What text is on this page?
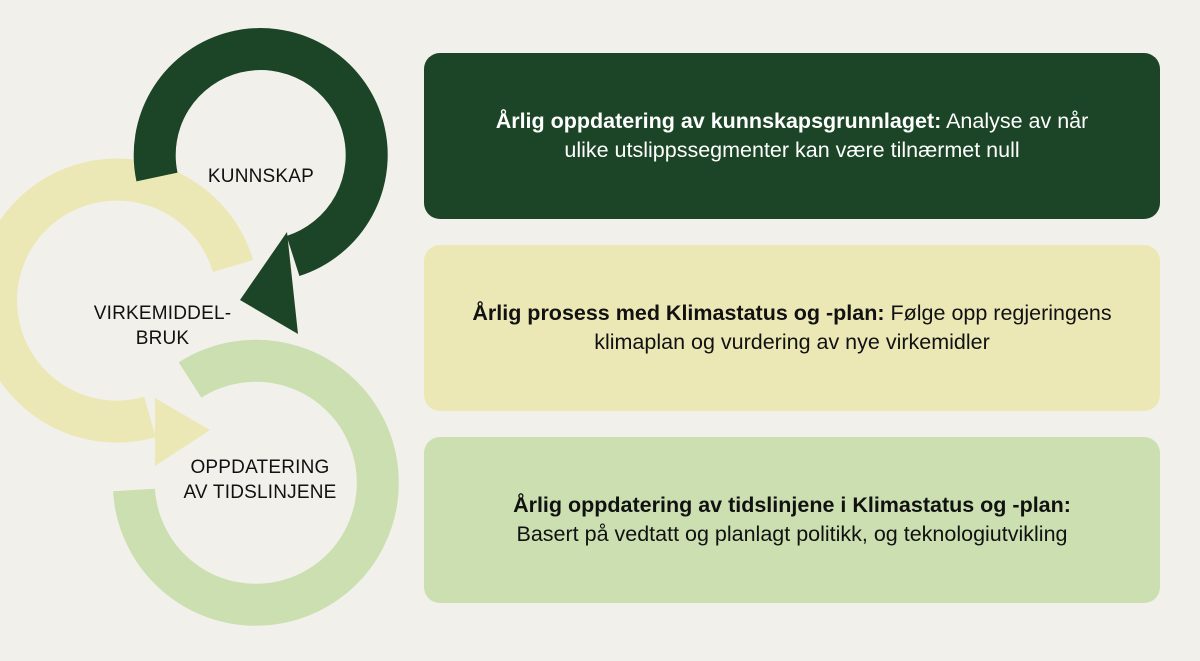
KUNNSKAP
VIRKEMIDDEL-
BRUK
OPPDATERING
AV TIDSLINJENE
Årlig oppdatering av kunnskapsgrunnlaget: Analyse av når ulike utslippssegmenter kan være tilnærmet null
Årlig prosess med Klimastatus og -plan: Følge opp regjeringens klimaplan og vurdering av nye virkemidler
Årlig oppdatering av tidslinjene i Klimastatus og -plan:
Basert på vedtatt og planlagt politikk, og teknologiutvikling
